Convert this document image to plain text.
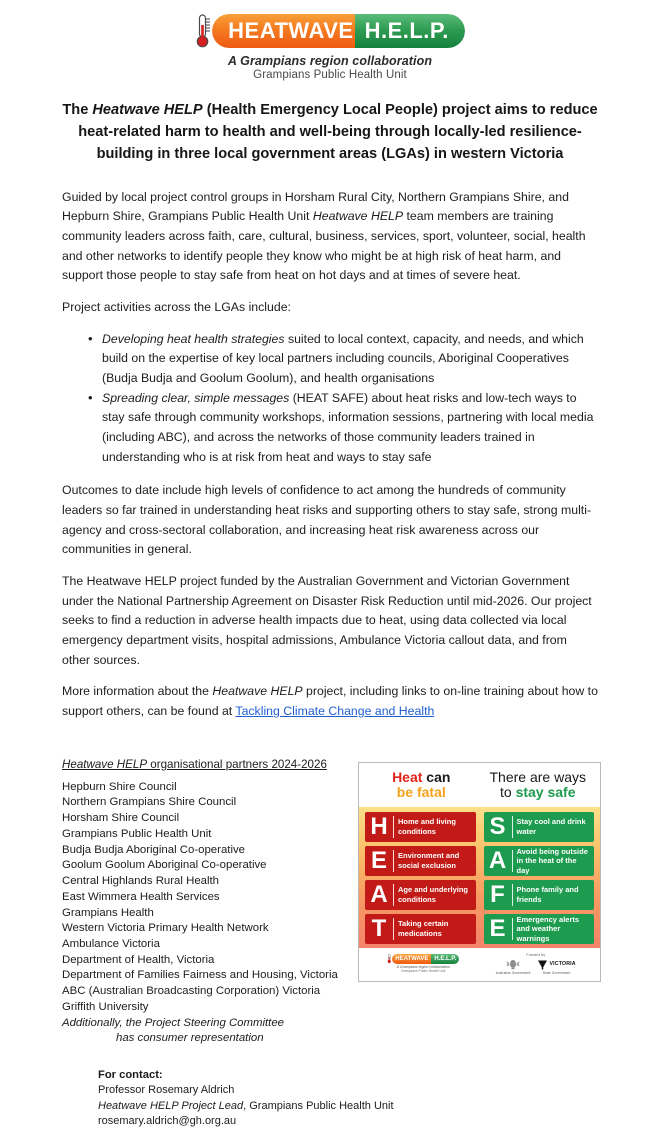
HEATWAVE H.E.L.P.
A Grampians region collaboration
Grampians Public Health Unit
The Heatwave HELP (Health Emergency Local People) project aims to reduce heat-related harm to health and well-being through locally-led resilience-building in three local government areas (LGAs) in western Victoria

Guided by local project control groups in Horsham Rural City, Northern Grampians Shire, and Hepburn Shire, Grampians Public Health Unit Heatwave HELP team members are training community leaders across faith, care, cultural, business, services, sport, volunteer, social, health and other networks to identify people they know who might be at high risk of heat harm, and support those people to stay safe from heat on hot days and at times of severe heat.

Project activities across the LGAs include:

• Developing heat health strategies suited to local context, capacity, and needs, and which build on the expertise of key local partners including councils, Aboriginal Cooperatives (Budja Budja and Goolum Goolum), and health organisations
• Spreading clear, simple messages (HEAT SAFE) about heat risks and low-tech ways to stay safe through community workshops, information sessions, partnering with local media (including ABC), and across the networks of those community leaders trained in understanding who is at risk from heat and ways to stay safe

Outcomes to date include high levels of confidence to act among the hundreds of community leaders so far trained in understanding heat risks and supporting others to stay safe, strong multi-agency and cross-sectoral collaboration, and increasing heat risk awareness across our communities in general.

The Heatwave HELP project funded by the Australian Government and Victorian Government under the National Partnership Agreement on Disaster Risk Reduction until mid-2026. Our project seeks to find a reduction in adverse health impacts due to heat, using data collected via local emergency department visits, hospital admissions, Ambulance Victoria callout data, and from other sources.

More information about the Heatwave HELP project, including links to on-line training about how to support others, can be found at Tackling Climate Change and Health

Heatwave HELP organisational partners 2024-2026
Hepburn Shire Council
Northern Grampians Shire Council
Horsham Shire Council
Grampians Public Health Unit
Budja Budja Aboriginal Co-operative
Goolum Goolum Aboriginal Co-operative
Central Highlands Rural Health
East Wimmera Health Services
Grampians Health
Western Victoria Primary Health Network
Ambulance Victoria
Department of Health, Victoria
Department of Families Fairness and Housing, Victoria
ABC (Australian Broadcasting Corporation) Victoria
Griffith University
Additionally, the Project Steering Committee
has consumer representation
Heat can
be fatal
There are ways
to stay safe
H	Home and living conditions
E	Environment and social exclusion
A	Age and underlying conditions
T	Taking certain medications
S	Stay cool and drink water
A	Avoid being outside in the heat of the day
F	Phone family and friends
E	Emergency alerts and weather warnings
HEATWAVE H.E.L.P.
A Grampians region collaboration
Grampians Public Health Unit
Funded by
Australian Government
VICTORIA
State Government
For contact:
Professor Rosemary Aldrich
Heatwave HELP Project Lead, Grampians Public Health Unit
rosemary.aldrich@gh.org.au
